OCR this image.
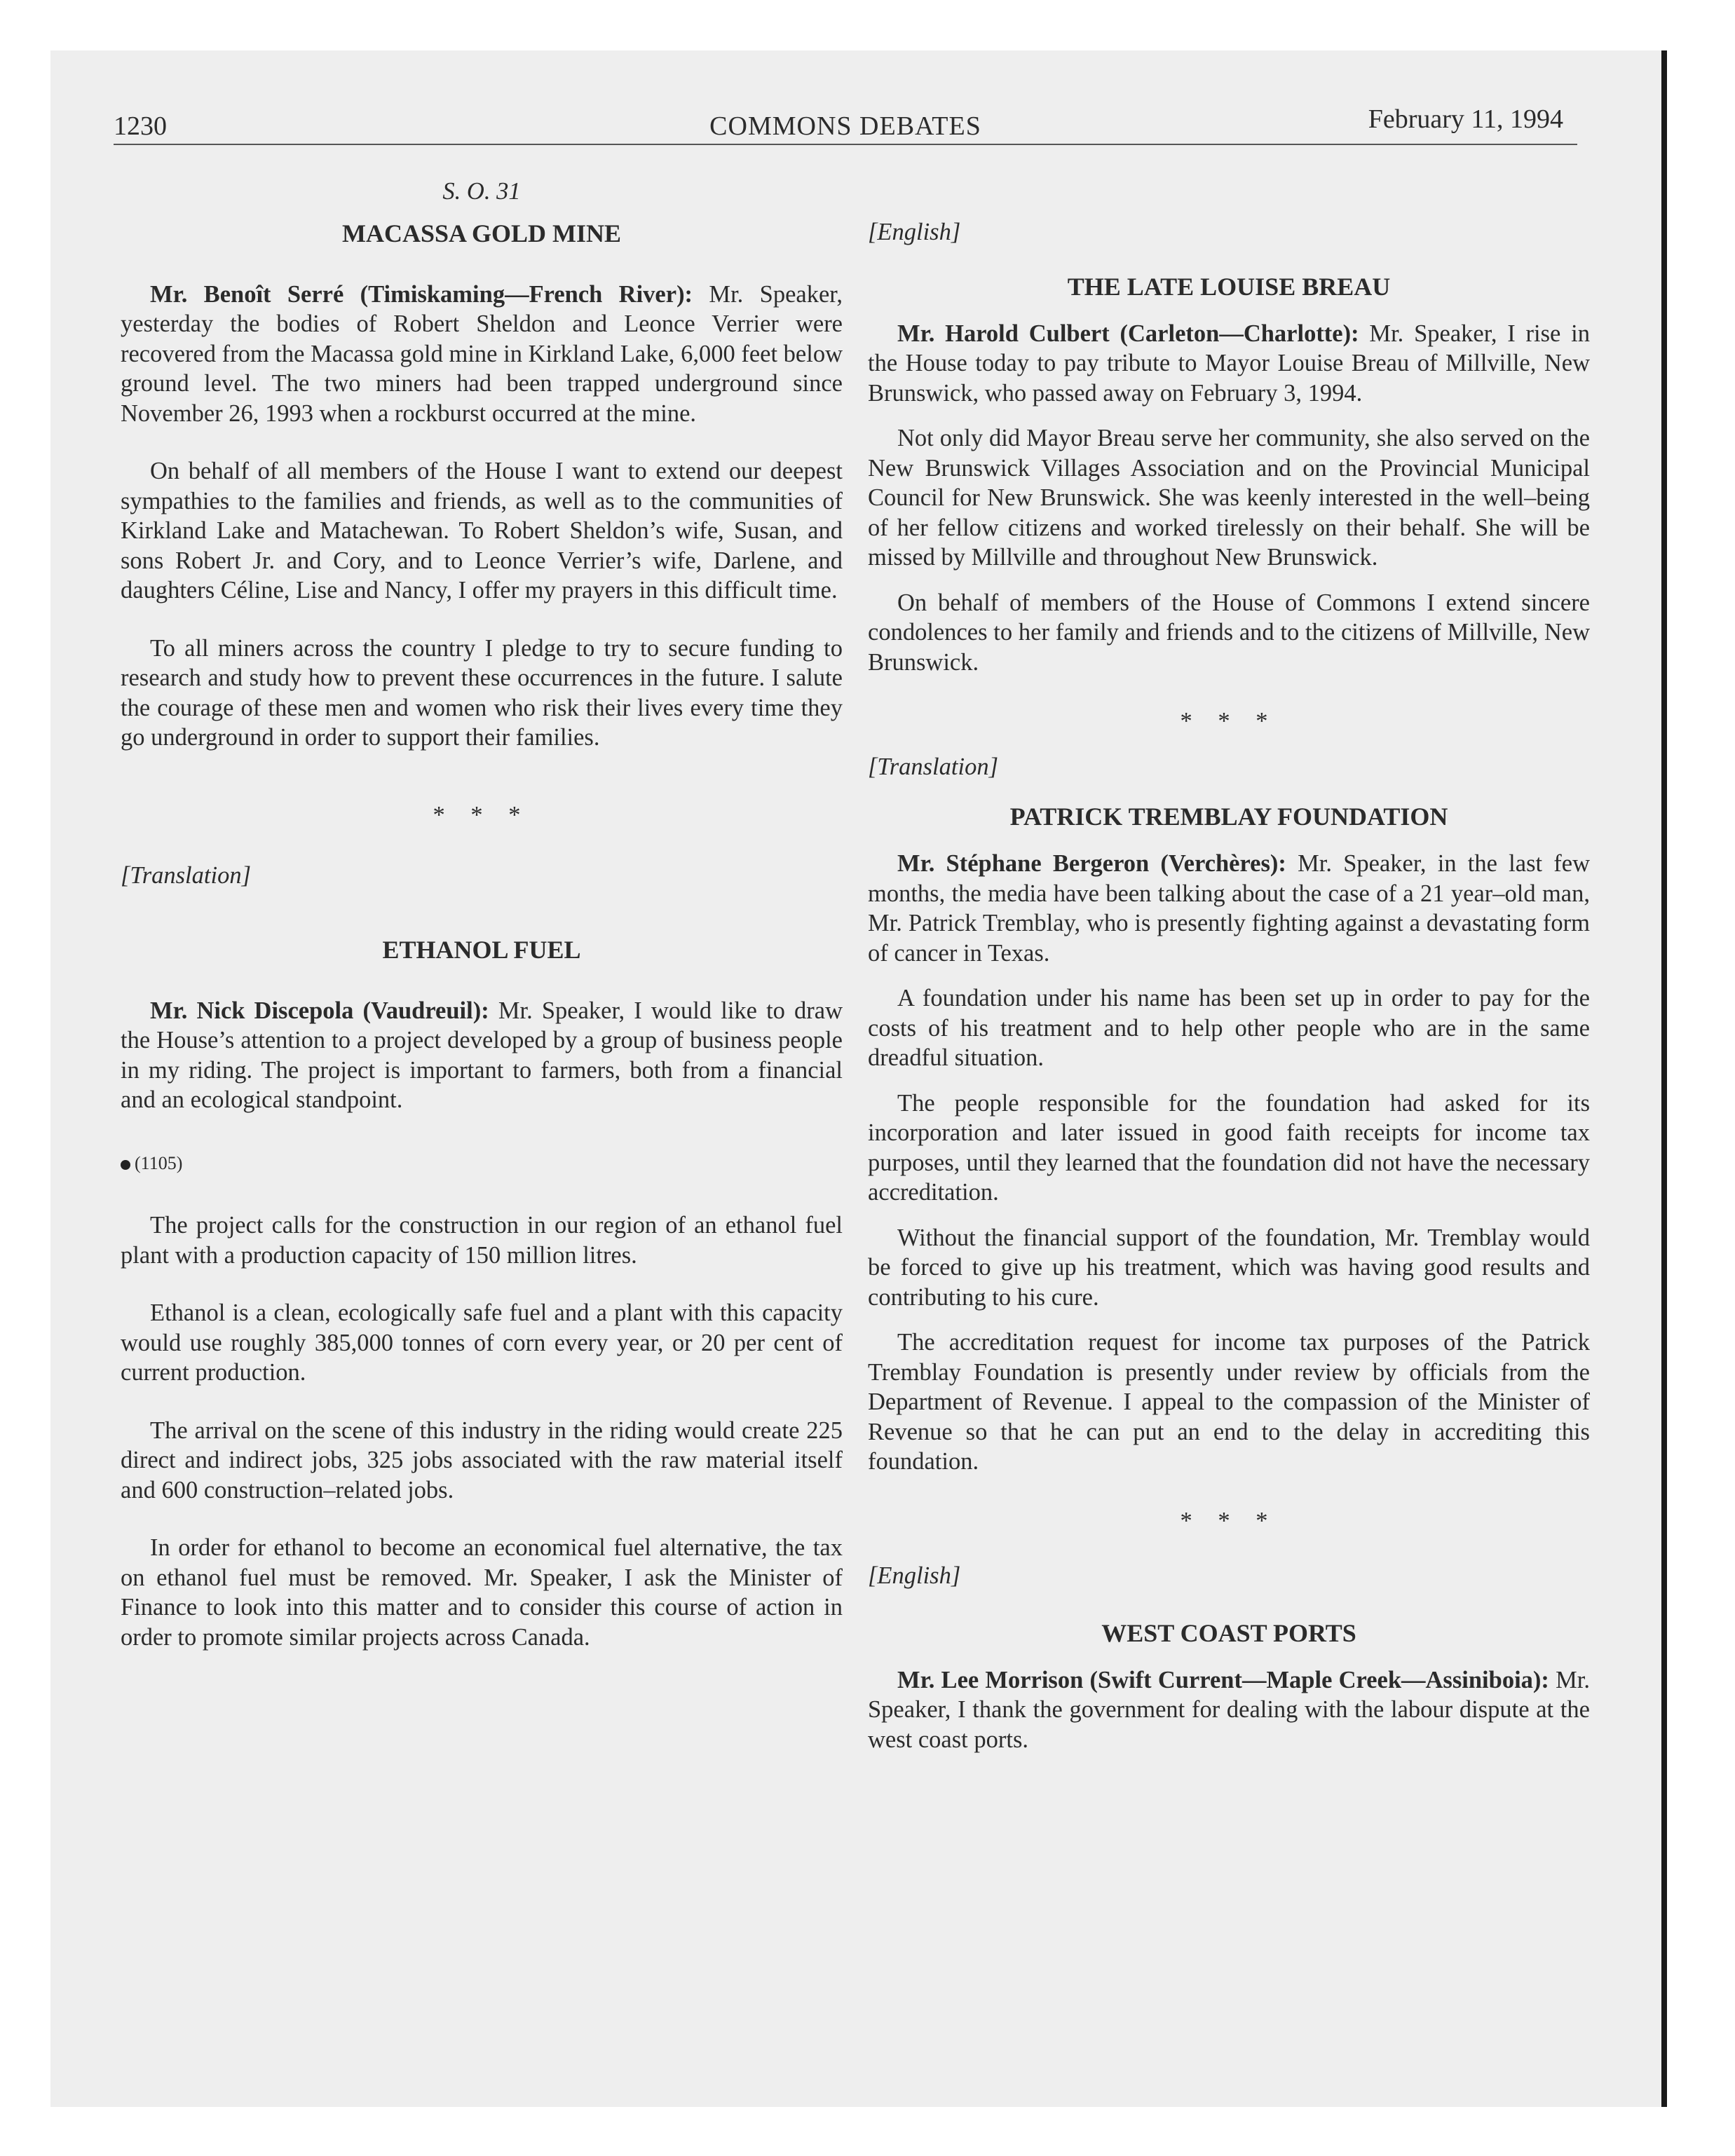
1230	COMMONS DEBATES	February 11, 1994
S. O. 31
MACASSA GOLD MINE

Mr. Benoît Serré (Timiskaming—French River): Mr. Speaker, yesterday the bodies of Robert Sheldon and Leonce Verrier were recovered from the Macassa gold mine in Kirkland Lake, 6,000 feet below ground level. The two miners had been trapped underground since November 26, 1993 when a rockburst occurred at the mine.

On behalf of all members of the House I want to extend our deepest sympathies to the families and friends, as well as to the communities of Kirkland Lake and Matachewan. To Robert Sheldon’s wife, Susan, and sons Robert Jr. and Cory, and to Leonce Verrier’s wife, Darlene, and daughters Céline, Lise and Nancy, I offer my prayers in this difficult time.

To all miners across the country I pledge to try to secure funding to research and study how to prevent these occurrences in the future. I salute the courage of these men and women who risk their lives every time they go underground in order to support their families.

* * *

[Translation]

ETHANOL FUEL

Mr. Nick Discepola (Vaudreuil): Mr. Speaker, I would like to draw the House’s attention to a project developed by a group of business people in my riding. The project is important to farmers, both from a financial and an ecological standpoint.

(1105)

The project calls for the construction in our region of an ethanol fuel plant with a production capacity of 150 million litres.

Ethanol is a clean, ecologically safe fuel and a plant with this capacity would use roughly 385,000 tonnes of corn every year, or 20 per cent of current production.

The arrival on the scene of this industry in the riding would create 225 direct and indirect jobs, 325 jobs associated with the raw material itself and 600 construction–related jobs.

In order for ethanol to become an economical fuel alternative, the tax on ethanol fuel must be removed. Mr. Speaker, I ask the Minister of Finance to look into this matter and to consider this course of action in order to promote similar projects across Canada.

[English]

THE LATE LOUISE BREAU

Mr. Harold Culbert (Carleton—Charlotte): Mr. Speaker, I rise in the House today to pay tribute to Mayor Louise Breau of Millville, New Brunswick, who passed away on February 3, 1994.

Not only did Mayor Breau serve her community, she also served on the New Brunswick Villages Association and on the Provincial Municipal Council for New Brunswick. She was keenly interested in the well–being of her fellow citizens and worked tirelessly on their behalf. She will be missed by Millville and throughout New Brunswick.

On behalf of members of the House of Commons I extend sincere condolences to her family and friends and to the citizens of Millville, New Brunswick.

* * *

[Translation]

PATRICK TREMBLAY FOUNDATION

Mr. Stéphane Bergeron (Verchères): Mr. Speaker, in the last few months, the media have been talking about the case of a 21 year–old man, Mr. Patrick Tremblay, who is presently fighting against a devastating form of cancer in Texas.

A foundation under his name has been set up in order to pay for the costs of his treatment and to help other people who are in the same dreadful situation.

The people responsible for the foundation had asked for its incorporation and later issued in good faith receipts for income tax purposes, until they learned that the foundation did not have the necessary accreditation.

Without the financial support of the foundation, Mr. Tremblay would be forced to give up his treatment, which was having good results and contributing to his cure.

The accreditation request for income tax purposes of the Patrick Tremblay Foundation is presently under review by officials from the Department of Revenue. I appeal to the compassion of the Minister of Revenue so that he can put an end to the delay in accrediting this foundation.

* * *

[English]

WEST COAST PORTS

Mr. Lee Morrison (Swift Current—Maple Creek—Assiniboia): Mr. Speaker, I thank the government for dealing with the labour dispute at the west coast ports.
